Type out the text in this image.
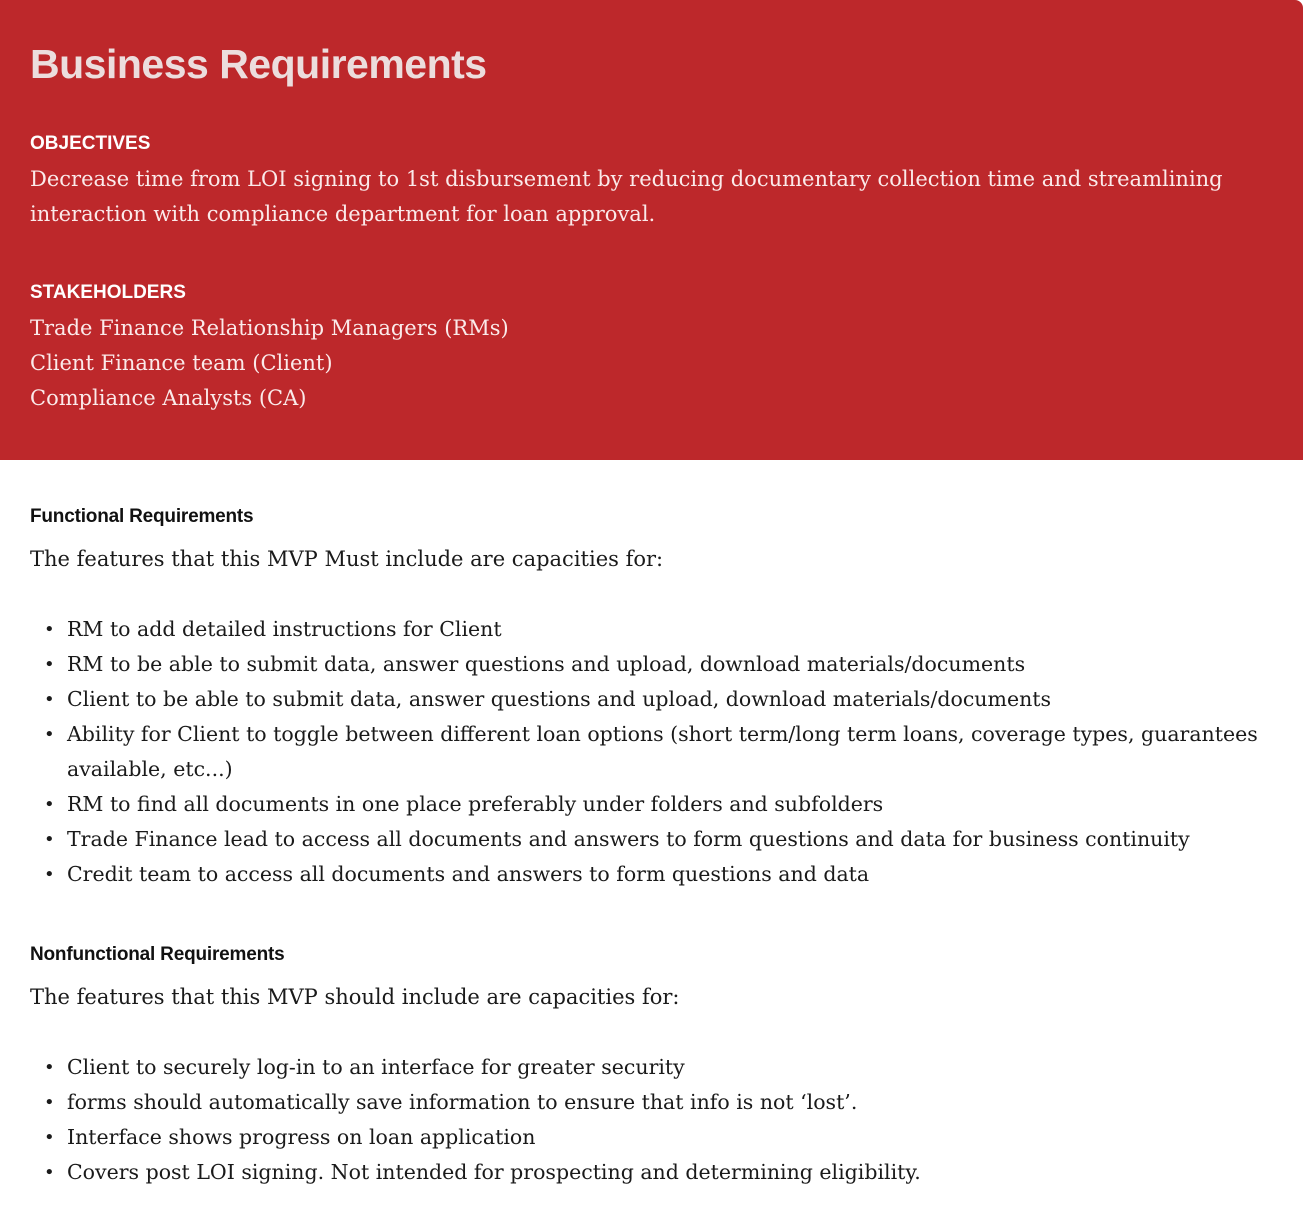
Business Requirements
OBJECTIVES

Decrease time from LOI signing to 1st disbursement by reducing documentary collection time and streamlining interaction with compliance department for loan approval.

STAKEHOLDERS

Trade Finance Relationship Managers (RMs)

Client Finance team (Client)

Compliance Analysts (CA)

Functional Requirements

The features that this MVP Must include are capacities for:

• RM to add detailed instructions for Client
• RM to be able to submit data, answer questions and upload, download materials/documents
• Client to be able to submit data, answer questions and upload, download materials/documents
• Ability for Client to toggle between different loan options (short term/long term loans, coverage types, guarantees available, etc...)
• RM to find all documents in one place preferably under folders and subfolders
• Trade Finance lead to access all documents and answers to form questions and data for business continuity
• Credit team to access all documents and answers to form questions and data
Nonfunctional Requirements

The features that this MVP should include are capacities for:

• Client to securely log-in to an interface for greater security
• forms should automatically save information to ensure that info is not ‘lost’.
• Interface shows progress on loan application
• Covers post LOI signing. Not intended for prospecting and determining eligibility.
